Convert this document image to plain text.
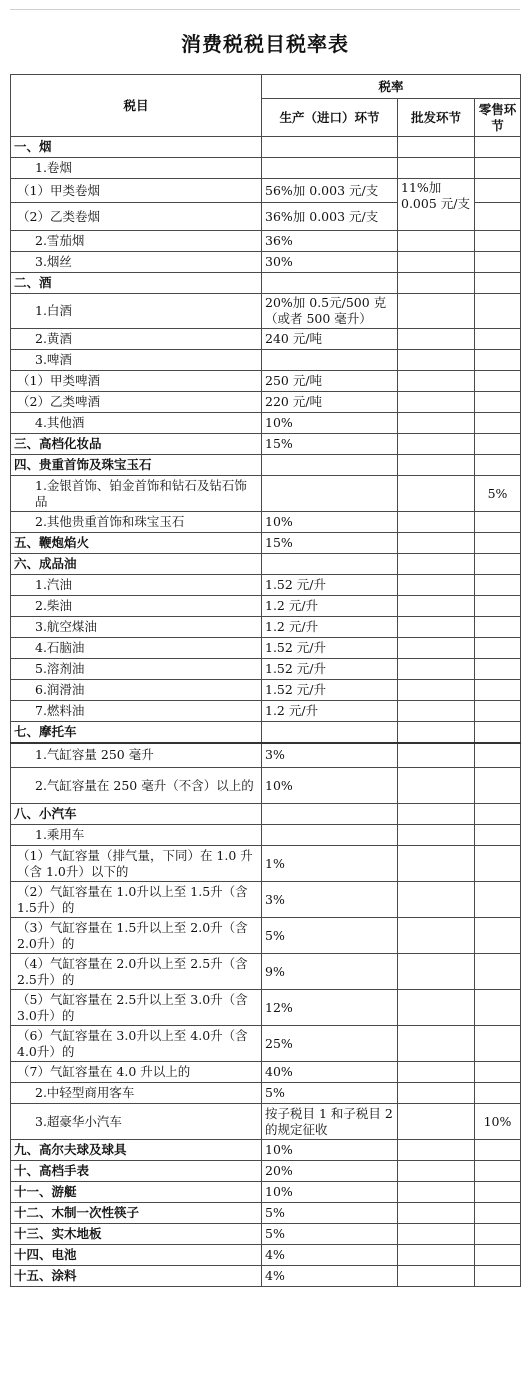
消费税税目税率表
税目	税率		
	生产（进口）环节	批发环节	零售环节
一、烟			
1.卷烟			
（1）甲类卷烟	56%加 0.003 元/支	11%加0.005 元/支	
（2）乙类卷烟	36%加 0.003 元/支		
2.雪茄烟	36%		
3.烟丝	30%		
二、酒			
1.白酒	20%加 0.5元/500 克（或者 500 毫升）		
2.黄酒	240 元/吨		
3.啤酒			
（1）甲类啤酒	250 元/吨		
（2）乙类啤酒	220 元/吨		
4.其他酒	10%		
三、高档化妆品	15%		
四、贵重首饰及珠宝玉石			
1.金银首饰、铂金首饰和钻石及钻石饰品			5%
2.其他贵重首饰和珠宝玉石	10%		
五、鞭炮焰火	15%		
六、成品油			
1.汽油	1.52 元/升		
2.柴油	1.2 元/升		
3.航空煤油	1.2 元/升		
4.石脑油	1.52 元/升		
5.溶剂油	1.52 元/升		
6.润滑油	1.52 元/升		
7.燃料油	1.2 元/升		
七、摩托车			
1.气缸容量 250 毫升	3%		
2.气缸容量在 250 毫升（不含）以上的	10%		
八、小汽车			
1.乘用车			
（1）气缸容量（排气量，下同）在 1.0 升（含 1.0升）以下的	1%		
（2）气缸容量在 1.0升以上至 1.5升（含 1.5升）的	3%		
（3）气缸容量在 1.5升以上至 2.0升（含 2.0升）的	5%		
（4）气缸容量在 2.0升以上至 2.5升（含 2.5升）的	9%		
（5）气缸容量在 2.5升以上至 3.0升（含 3.0升）的	12%		
（6）气缸容量在 3.0升以上至 4.0升（含 4.0升）的	25%		
（7）气缸容量在 4.0 升以上的	40%		
2.中轻型商用客车	5%		
3.超豪华小汽车	按子税目 1 和子税目 2 的规定征收		10%
九、高尔夫球及球具	10%		
十、高档手表	20%		
十一、游艇	10%		
十二、木制一次性筷子	5%		
十三、实木地板	5%		
十四、电池	4%		
十五、涂料	4%		
